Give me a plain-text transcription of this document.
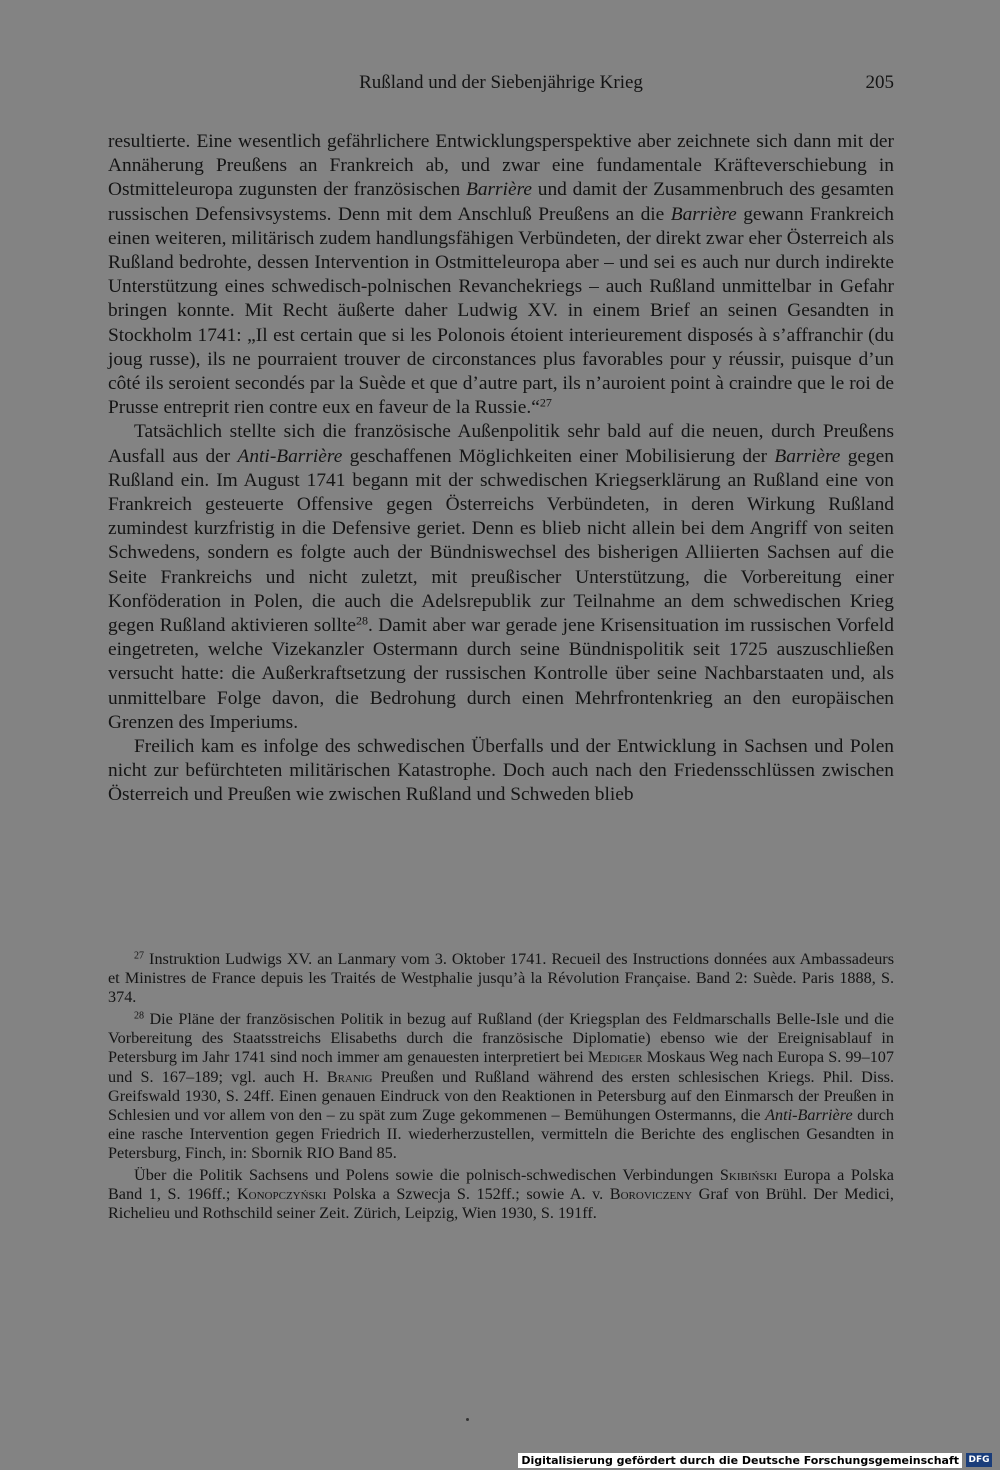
Rußland und der Siebenjährige Krieg	205

resultierte. Eine wesentlich gefährlichere Entwicklungsperspektive aber zeichnete sich dann mit der Annäherung Preußens an Frankreich ab, und zwar eine fundamentale Kräfteverschiebung in Ostmitteleuropa zugunsten der französischen Barrière und damit der Zusammenbruch des gesamten russischen Defensivsystems. Denn mit dem Anschluß Preußens an die Barrière gewann Frankreich einen weiteren, militärisch zudem handlungsfähigen Verbündeten, der direkt zwar eher Österreich als Rußland bedrohte, dessen Intervention in Ostmitteleuropa aber – und sei es auch nur durch indirekte Unterstützung eines schwedisch-polnischen Revanchekriegs – auch Rußland unmittelbar in Gefahr bringen konnte. Mit Recht äußerte daher Ludwig XV. in einem Brief an seinen Gesandten in Stockholm 1741: „Il est certain que si les Polonois étoient interieurement disposés à s’affranchir (du joug russe), ils ne pourraient trouver de circonstances plus favorables pour y réussir, puisque d’un côté ils seroient secondés par la Suède et que d’autre part, ils n’auroient point à craindre que le roi de Prusse entreprit rien contre eux en faveur de la Russie.“$^{27}$

Tatsächlich stellte sich die französische Außenpolitik sehr bald auf die neuen, durch Preußens Ausfall aus der Anti-Barrière geschaffenen Möglichkeiten einer Mobilisierung der Barrière gegen Rußland ein. Im August 1741 begann mit der schwedischen Kriegserklärung an Rußland eine von Frankreich gesteuerte Offensive gegen Österreichs Verbündeten, in deren Wirkung Rußland zumindest kurzfristig in die Defensive geriet. Denn es blieb nicht allein bei dem Angriff von seiten Schwedens, sondern es folgte auch der Bündniswechsel des bisherigen Alliierten Sachsen auf die Seite Frankreichs und nicht zuletzt, mit preußischer Unterstützung, die Vorbereitung einer Konföderation in Polen, die auch die Adelsrepublik zur Teilnahme an dem schwedischen Krieg gegen Rußland aktivieren sollte$^{28}$. Damit aber war gerade jene Krisensituation im russischen Vorfeld eingetreten, welche Vizekanzler Ostermann durch seine Bündnispolitik seit 1725 auszuschließen versucht hatte: die Außerkraftsetzung der russischen Kontrolle über seine Nachbarstaaten und, als unmittelbare Folge davon, die Bedrohung durch einen Mehrfrontenkrieg an den europäischen Grenzen des Imperiums.

Freilich kam es infolge des schwedischen Überfalls und der Entwicklung in Sachsen und Polen nicht zur befürchteten militärischen Katastrophe. Doch auch nach den Friedensschlüssen zwischen Österreich und Preußen wie zwischen Rußland und Schweden blieb

$^{27}$ Instruktion Ludwigs XV. an Lanmary vom 3. Oktober 1741. Recueil des Instructions données aux Ambassadeurs et Ministres de France depuis les Traités de Westphalie jusqu’à la Révolution Française. Band 2: Suède. Paris 1888, S. 374.

$^{28}$ Die Pläne der französischen Politik in bezug auf Rußland (der Kriegsplan des Feldmarschalls Belle-Isle und die Vorbereitung des Staatsstreichs Elisabeths durch die französische Diplomatie) ebenso wie der Ereignisablauf in Petersburg im Jahr 1741 sind noch immer am genauesten interpretiert bei Mediger Moskaus Weg nach Europa S. 99–107 und S. 167–189; vgl. auch H. Branig Preußen und Rußland während des ersten schlesischen Kriegs. Phil. Diss. Greifswald 1930, S. 24ff. Einen genauen Eindruck von den Reaktionen in Petersburg auf den Einmarsch der Preußen in Schlesien und vor allem von den – zu spät zum Zuge gekommenen – Bemühungen Ostermanns, die Anti-Barrière durch eine rasche Intervention gegen Friedrich II. wiederherzustellen, vermitteln die Berichte des englischen Gesandten in Petersburg, Finch, in: Sbornik RIO Band 85.

Über die Politik Sachsens und Polens sowie die polnisch-schwedischen Verbindungen Skibiński Europa a Polska Band 1, S. 196ff.; Konopczyński Polska a Szwecja S. 152ff.; sowie A. v. Boroviczeny Graf von Brühl. Der Medici, Richelieu und Rothschild seiner Zeit. Zürich, Leipzig, Wien 1930, S. 191ff.

Digitalisierung gefördert durch die Deutsche Forschungsgemeinschaft	DFG
